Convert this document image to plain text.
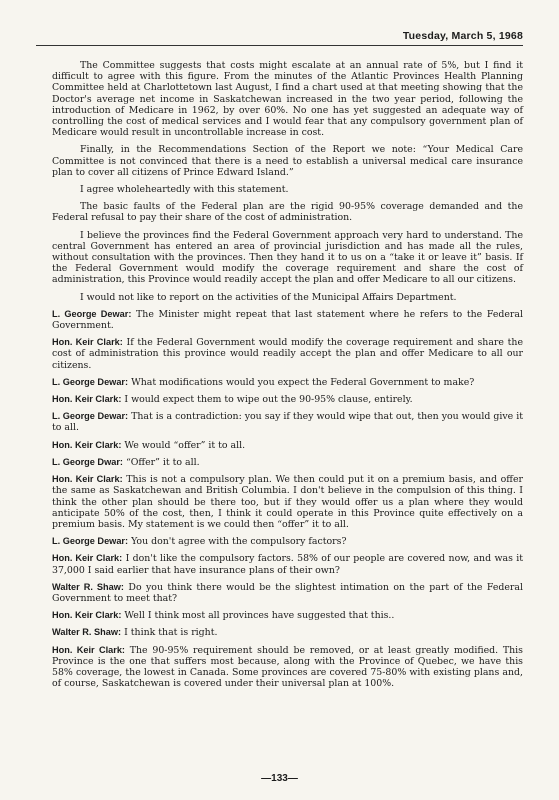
Tuesday, March 5, 1968

The Committee suggests that costs might escalate at an annual rate of 5%, but I find it difficult to agree with this figure. From the minutes of the Atlantic Provinces Health Planning Committee held at Charlottetown last August, I find a chart used at that meeting showing that the Doctor's average net income in Saskatchewan increased in the two year period, following the introduction of Medicare in 1962, by over 60%. No one has yet suggested an adequate way of controlling the cost of medical services and I would fear that any compulsory government plan of Medicare would result in uncontrollable increase in cost.

Finally, in the Recommendations Section of the Report we note: “Your Medical Care Committee is not convinced that there is a need to establish a universal medical care insurance plan to cover all citizens of Prince Edward Island.”

I agree wholeheartedly with this statement.

The basic faults of the Federal plan are the rigid 90-95% coverage demanded and the Federal refusal to pay their share of the cost of administration.

I believe the provinces find the Federal Government approach very hard to understand. The central Government has entered an area of provincial jurisdiction and has made all the rules, without consultation with the provinces. Then they hand it to us on a “take it or leave it” basis. If the Federal Government would modify the coverage requirement and share the cost of administration, this Province would readily accept the plan and offer Medicare to all our citizens.

I would not like to report on the activities of the Municipal Affairs Department.

L. George Dewar: The Minister might repeat that last statement where he refers to the Federal Government.

Hon. Keir Clark: If the Federal Government would modify the coverage requirement and share the cost of administration this province would readily accept the plan and offer Medicare to all our citizens.

L. George Dewar: What modifications would you expect the Federal Government to make?

Hon. Keir Clark: I would expect them to wipe out the 90-95% clause, entirely.

L. George Dewar: That is a contradiction: you say if they would wipe that out, then you would give it to all.

Hon. Keir Clark: We would “offer” it to all.

L. George Dwar: “Offer” it to all.

Hon. Keir Clark: This is not a compulsory plan. We then could put it on a premium basis, and offer the same as Saskatchewan and British Columbia. I don't believe in the compulsion of this thing. I think the other plan should be there too, but if they would offer us a plan where they would anticipate 50% of the cost, then, I think it could operate in this Province quite effectively on a premium basis. My statement is we could then “offer” it to all.

L. George Dewar: You don't agree with the compulsory factors?

Hon. Keir Clark: I don't like the compulsory factors. 58% of our people are covered now, and was it 37,000 I said earlier that have insurance plans of their own?

Walter R. Shaw: Do you think there would be the slightest intimation on the part of the Federal Government to meet that?

Hon. Keir Clark: Well I think most all provinces have suggested that this..

Walter R. Shaw: I think that is right.

Hon. Keir Clark: The 90-95% requirement should be removed, or at least greatly modified. This Province is the one that suffers most because, along with the Province of Quebec, we have this 58% coverage, the lowest in Canada. Some provinces are covered 75-80% with existing plans and, of course, Saskatchewan is covered under their universal plan at 100%.

—133—
